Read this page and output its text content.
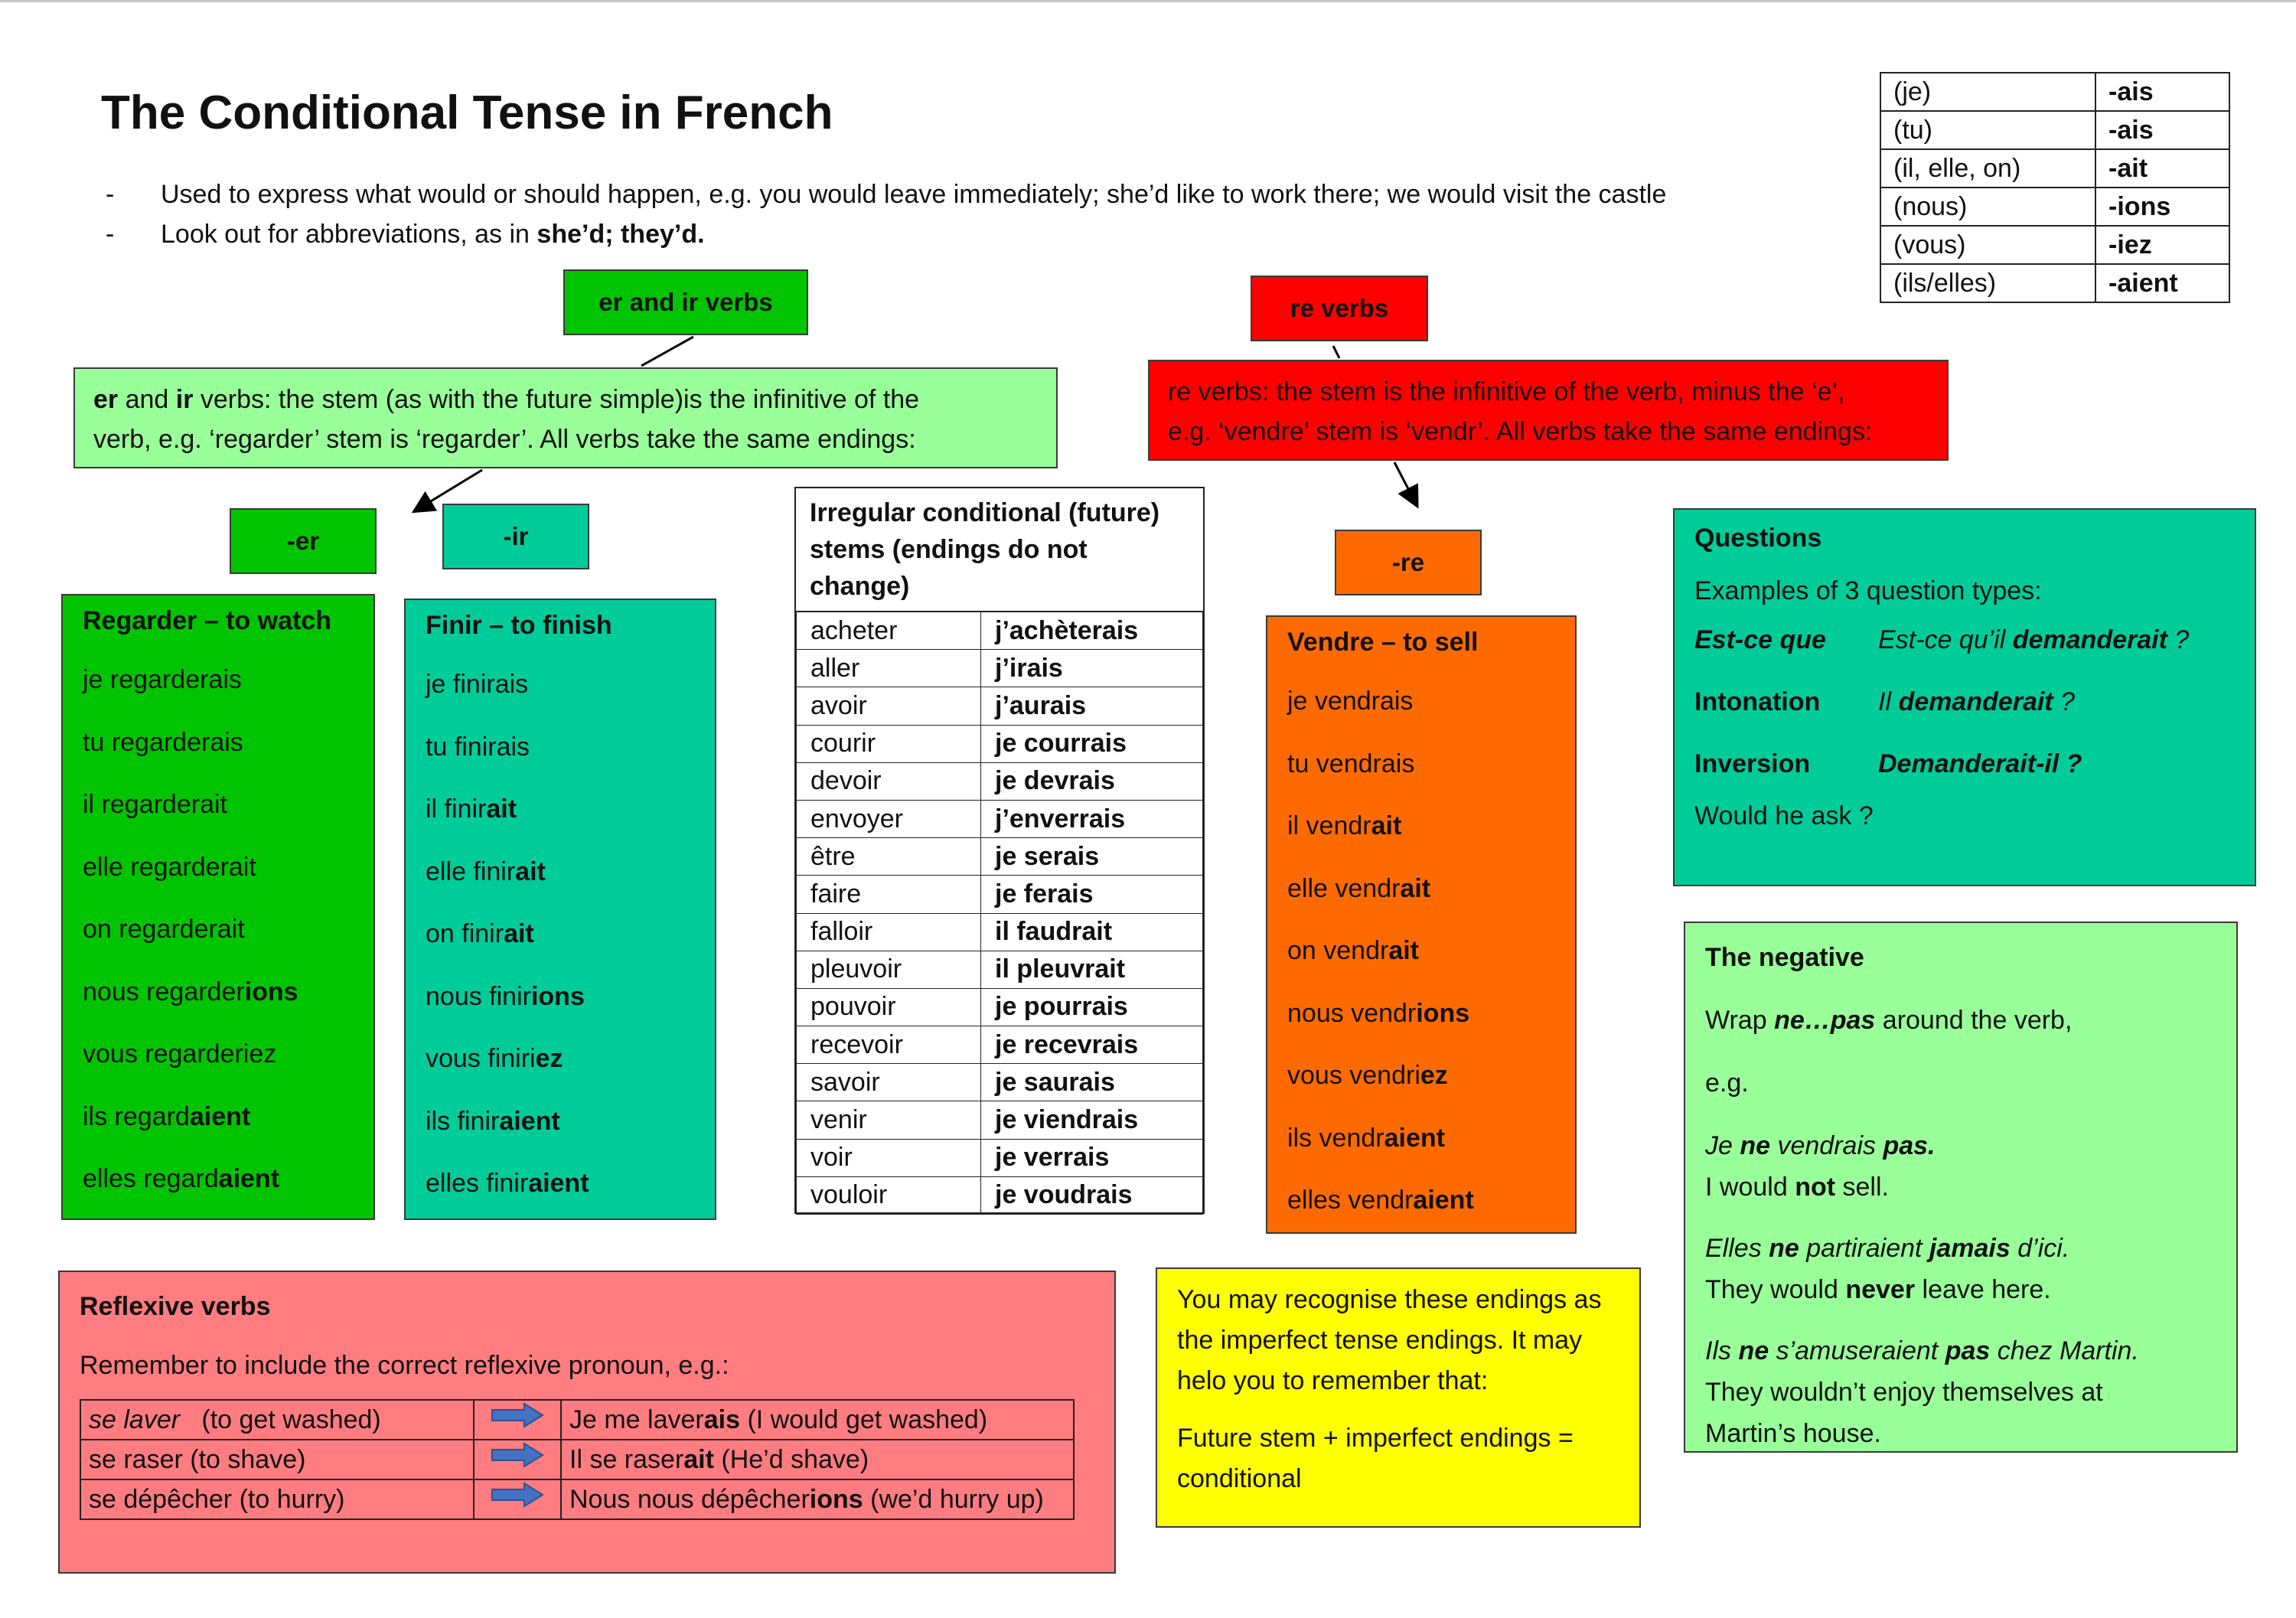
The Conditional Tense in French
-	Used to express what would or should happen, e.g. you would leave immediately; she’d like to work there; we would visit the castle
-	Look out for abbreviations, as in she’d; they’d.
(je)	-ais
(tu)	-ais
(il, elle, on)	-ait
(nous)	-ions
(vous)	-iez
(ils/elles)	-aient
er and ir verbs
er and ir verbs: the stem (as with the future simple)is the infinitive of the
verb, e.g. ‘regarder’ stem is ‘regarder’. All verbs take the same endings:
re verbs
re verbs: the stem is the infinitive of the verb, minus the ‘e’,
e.g. ‘vendre’ stem is ‘vendr’. All verbs take the same endings:
-er	-ir
-re
Regarder – to watch
je regarderais
tu regarderais
il regarderait
elle regarderait
on regarderait
nous regarderions
vous regarderiez
ils regardaient
elles regardaient
Finir – to finish
je finirais
tu finirais
il finirait
elle finirait
on finirait
nous finirions
vous finiriez
ils finiraient
elles finiraient
Irregular conditional (future) stems (endings do not change)
acheter	j’achèterais
aller	j’irais
avoir	j’aurais
courir	je courrais
devoir	je devrais
envoyer	j’enverrais
être	je serais
faire	je ferais
falloir	il faudrait
pleuvoir	il pleuvrait
pouvoir	je pourrais
recevoir	je recevrais
savoir	je saurais
venir	je viendrais
voir	je verrais
vouloir	je voudrais
Vendre – to sell
je vendrais
tu vendrais
il vendrait
elle vendrait
on vendrait
nous vendrions
vous vendriez
ils vendraient
elles vendraient
Questions
Examples of 3 question types:
Est-ce que	Est-ce qu’il demanderait ?
Intonation	Il demanderait ?
Inversion	Demanderait-il ?
Would he ask ?
The negative
Wrap ne…pas around the verb,
e.g.
Je ne vendrais pas.
I would not sell.
Elles ne partiraient jamais d’ici.
They would never leave here.
Ils ne s’amuseraient pas chez Martin.
They wouldn’t enjoy themselves at
Martin’s house.
Reflexive verbs
Remember to include the correct reflexive pronoun, e.g.:
se laver   (to get washed)		Je me laverais (I would get washed)
se raser (to shave)		Il se raserait (He’d shave)
se dépêcher (to hurry)		Nous nous dépêcherions (we’d hurry up)
You may recognise these endings as
the imperfect tense endings. It may
helo you to remember that:
Future stem + imperfect endings =
conditional
